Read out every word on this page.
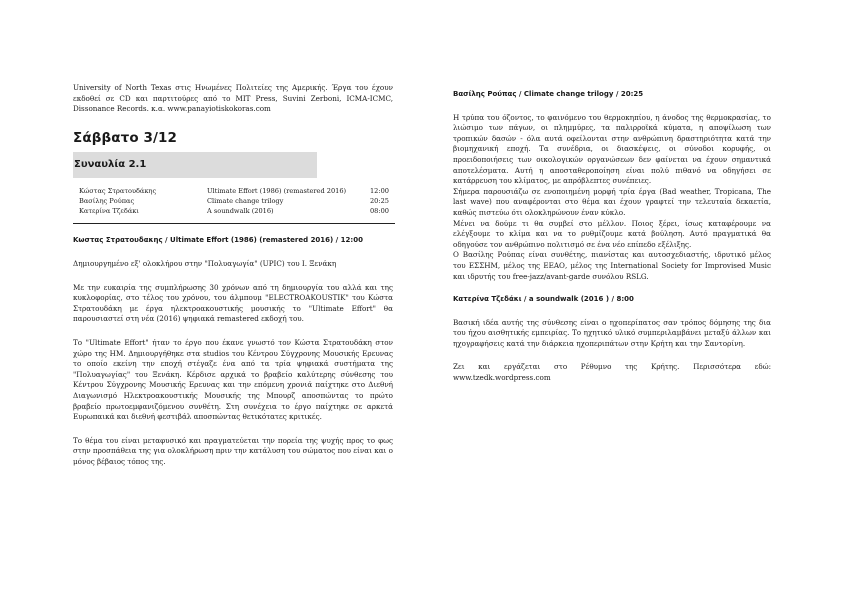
University of North Texas στις Ηνωμένες Πολιτείες της Αμερικής. Έργα του έχουν εκδοθεί σε CD και παρτιτούρες από το MIT Press, Suvini Zerboni, ICMA-ICMC, Dissonance Records. κ.α. www.panayiotiskokoras.com

Σάββατο 3/12
Συναυλία 2.1
Κώστας Στρατουδάκης	Ultimate Effort (1986) (remastered 2016)	12:00
Βασίλης Ρούπας	Climate change trilogy	20:25
Κατερίνα Τζεδάκι	A soundwalk (2016)	08:00
Κωστας Στρατουδακης / Ultimate Effort (1986) (remastered 2016) / 12:00

Δημιουργημένο εξ' ολοκλήρου στην "Πολυαγωγία" (UPIC) του Ι. Ξενάκη

Με την ευκαιρία της συμπλήρωσης 30 χρόνων από τη δημιουργία του αλλά και της κυκλοφορίας, στο τέλος του χρόνου, του άλμπουμ "ELECTROAKOUSTIK" του Κώστα Στρατουδάκη με έργα ηλεκτροακουστικής μουσικής το "Ultimate Effort" θα παρουσιαστεί στη νέα (2016) ψηφιακά remastered εκδοχή του.

Το "Ultimate Effort" ήταν το έργο που έκανε γνωστό τον Κώστα Στρατουδάκη στον χώρο της ΗΜ. Δημιουργήθηκε στα studios του Κέντρου Σύγχρονης Μουσικής Ερευνας το οποίο εκείνη την εποχή στέγαζε ένα από τα τρία ψηφιακά συστήματα της "Πολυαγωγίας" του Ξενάκη. Κέρδισε αρχικά το βραβείο καλύτερης σύνθεσης του Κέντρου Σύγχρονης Μουσικής Ερευνας και την επόμενη χρονιά παίχτηκε στο Διεθνή Διαγωνισμό Ηλεκτροακουστικής Μουσικής της Μπουρζ αποσπώντας το πρώτο βραβείο πρωτοεμφανιζόμενου συνθέτη. Στη συνέχεια το έργο παίχτηκε σε αρκετά Ευρωπαικά και διεθνή φεστιβάλ αποσπώντας θετικότατες κριτικές.

Το θέμα του είναι μεταφυσικό και πραγματεύεται την πορεία της ψυχής προς το φως στην προσπάθεια της για ολοκλήρωση πριν την κατάλυση του σώματος που είναι και ο μόνος βέβαιος τόπος της.

Βασίλης Ρούπας / Climate change trilogy / 20:25

Η τρύπα του όζοντος, το φαινόμενο του θερμοκηπίου, η άνοδος της θερμοκρασίας, το λιώσιμο των πάγων, οι πλημμύρες, τα παλιρροϊκά κύματα, η αποψίλωση των τροπικών δασών - όλα αυτά οφείλονται στην ανθρώπινη δραστηριότητα κατά την βιομηχανική εποχή. Τα συνέδρια, οι διασκέψεις, οι σύνοδοι κορυφής, οι προειδοποιήσεις των οικολογικών οργανώσεων δεν φαίνεται να έχουν σημαντικά αποτελέσματα. Αυτή η αποσταθεροποίηση είναι πολύ πιθανό να οδηγήσει σε κατάρρευση του κλίματος, με απρόβλεπτες συνέπειες.

Σήμερα παρουσιάζω σε ενοποιημένη μορφή τρία έργα (Bad weather, Tropicana, The last wave) που αναφέρονται στο θέμα και έχουν γραφτεί την τελευταία δεκαετία, καθώς πιστεύω ότι ολοκληρώνουν έναν κύκλο.

Μένει να δούμε τι θα συμβεί στο μέλλον. Ποιος ξέρει, ίσως καταφέρουμε να ελέγξουμε το κλίμα και να το ρυθμίζουμε κατά βούληση. Αυτό πραγματικά θα οδηγούσε τον ανθρώπινο πολιτισμό σε ένα νέο επίπεδο εξέλιξης.

Ο Βασίλης Ρούπας είναι συνθέτης, πιανίστας και αυτοσχεδιαστής, ιδρυτικό μέλος του ΕΣΣΗΜ, μέλος της ΕΕΑΟ, μέλος της International Society for Improvised Music και ιδρυτής του free-jazz/avant-garde συνόλου RSLG.

Κατερίνα Τζεδάκι / a soundwalk (2016 ) / 8:00

Βασική ιδέα αυτής της σύνθεσης είναι ο ηχοπερίπατος σαν τρόπος δόμησης της δια του ήχου αισθητικής εμπειρίας. Το ηχητικό υλικό συμπεριλαμβάνει μεταξύ άλλων και ηχογραφήσεις κατά την διάρκεια ηχοπεριπάτων στην Κρήτη και την Σαντορίνη.

Ζει και εργάζεται στο Ρέθυμνο της Κρήτης. Περισσότερα εδώ: www.tzedk.wordpress.com
